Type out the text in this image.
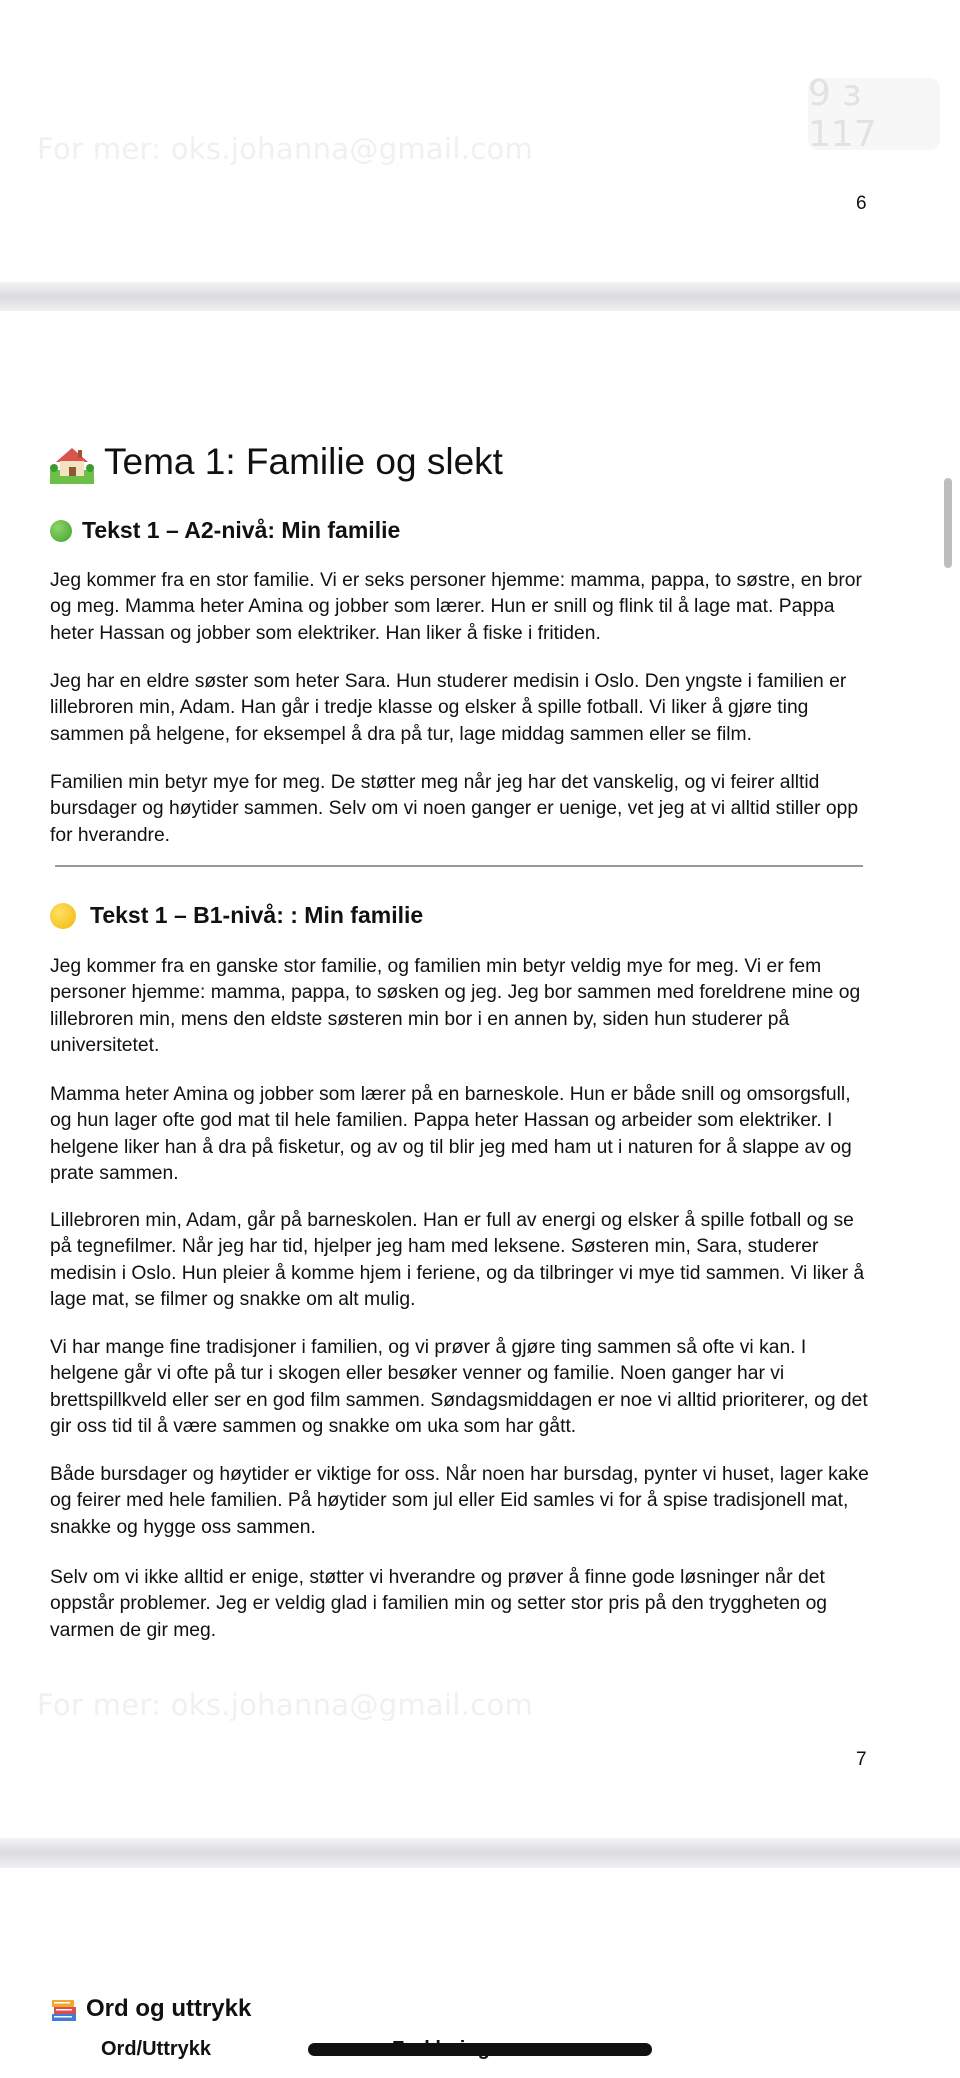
For mer: oks.johanna@gmail.com
6
9 з 117
Tema 1: Familie og slekt
Tekst 1 – A2-nivå: Min familie

Jeg kommer fra en stor familie. Vi er seks personer hjemme: mamma, pappa, to søstre, en bror og meg. Mamma heter Amina og jobber som lærer. Hun er snill og flink til å lage mat. Pappa heter Hassan og jobber som elektriker. Han liker å fiske i fritiden.

Jeg har en eldre søster som heter Sara. Hun studerer medisin i Oslo. Den yngste i familien er lillebroren min, Adam. Han går i tredje klasse og elsker å spille fotball. Vi liker å gjøre ting sammen på helgene, for eksempel å dra på tur, lage middag sammen eller se film.

Familien min betyr mye for meg. De støtter meg når jeg har det vanskelig, og vi feirer alltid bursdager og høytider sammen. Selv om vi noen ganger er uenige, vet jeg at vi alltid stiller opp for hverandre.

Tekst 1 – B1-nivå: : Min familie

Jeg kommer fra en ganske stor familie, og familien min betyr veldig mye for meg. Vi er fem personer hjemme: mamma, pappa, to søsken og jeg. Jeg bor sammen med foreldrene mine og lillebroren min, mens den eldste søsteren min bor i en annen by, siden hun studerer på universitetet.

Mamma heter Amina og jobber som lærer på en barneskole. Hun er både snill og omsorgsfull, og hun lager ofte god mat til hele familien. Pappa heter Hassan og arbeider som elektriker. I helgene liker han å dra på fisketur, og av og til blir jeg med ham ut i naturen for å slappe av og prate sammen.

Lillebroren min, Adam, går på barneskolen. Han er full av energi og elsker å spille fotball og se på tegnefilmer. Når jeg har tid, hjelper jeg ham med leksene. Søsteren min, Sara, studerer medisin i Oslo. Hun pleier å komme hjem i feriene, og da tilbringer vi mye tid sammen. Vi liker å lage mat, se filmer og snakke om alt mulig.

Vi har mange fine tradisjoner i familien, og vi prøver å gjøre ting sammen så ofte vi kan. I helgene går vi ofte på tur i skogen eller besøker venner og familie. Noen ganger har vi brettspillkveld eller ser en god film sammen. Søndagsmiddagen er noe vi alltid prioriterer, og det gir oss tid til å være sammen og snakke om uka som har gått.

Både bursdager og høytider er viktige for oss. Når noen har bursdag, pynter vi huset, lager kake og feirer med hele familien. På høytider som jul eller Eid samles vi for å spise tradisjonell mat, snakke og hygge oss sammen.

Selv om vi ikke alltid er enige, støtter vi hverandre og prøver å finne gode løsninger når det oppstår problemer. Jeg er veldig glad i familien min og setter stor pris på den tryggheten og varmen de gir meg.

For mer: oks.johanna@gmail.com
7
Ord og uttrykk
Ord/Uttrykk
